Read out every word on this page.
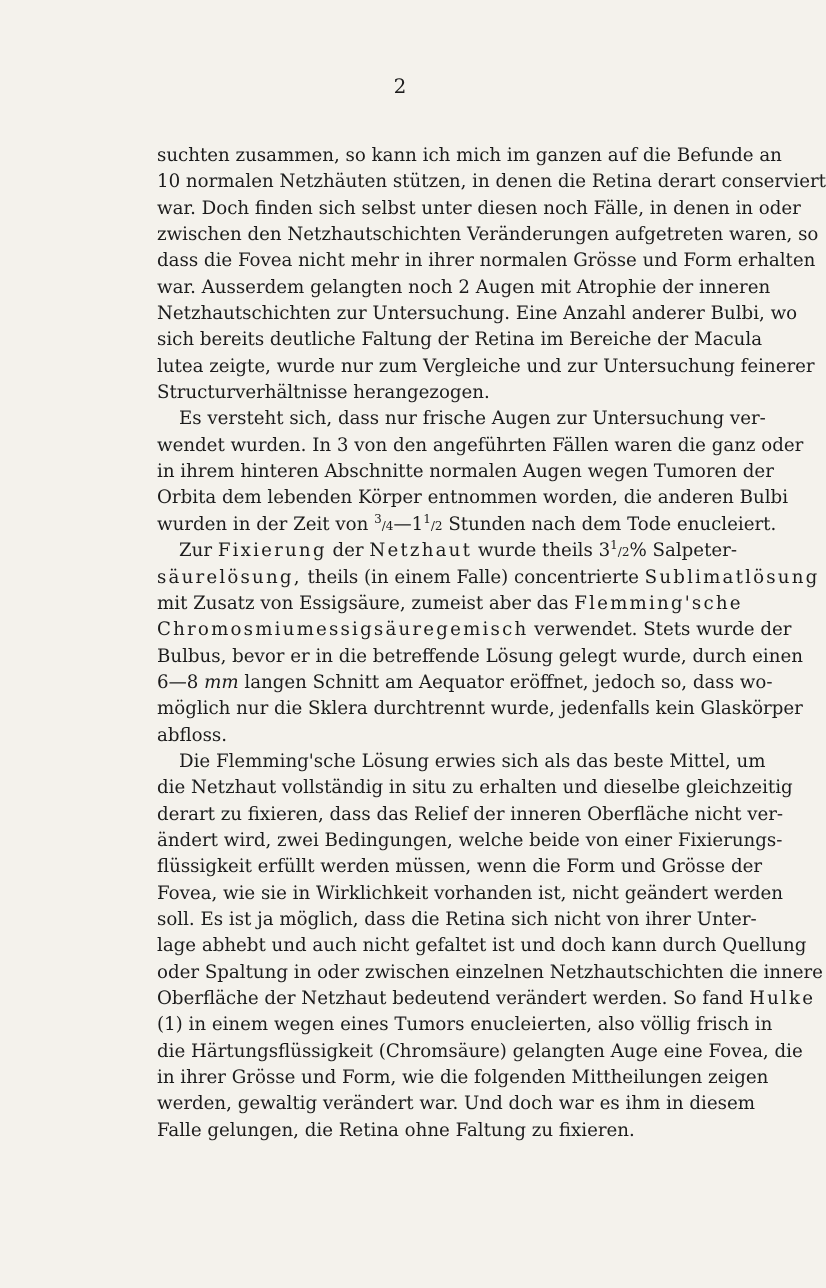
2
suchten zusammen, so kann ich mich im ganzen auf die Befunde an
10 normalen Netzhäuten stützen, in denen die Retina derart conserviert
war. Doch finden sich selbst unter diesen noch Fälle, in denen in oder
zwischen den Netzhautschichten Veränderungen aufgetreten waren, so
dass die Fovea nicht mehr in ihrer normalen Grösse und Form erhalten
war. Ausserdem gelangten noch 2 Augen mit Atrophie der inneren
Netzhautschichten zur Untersuchung. Eine Anzahl anderer Bulbi, wo
sich bereits deutliche Faltung der Retina im Bereiche der Macula
lutea zeigte, wurde nur zum Vergleiche und zur Untersuchung feinerer
Structurverhältnisse herangezogen.
Es versteht sich, dass nur frische Augen zur Untersuchung ver-
wendet wurden. In 3 von den angeführten Fällen waren die ganz oder
in ihrem hinteren Abschnitte normalen Augen wegen Tumoren der
Orbita dem lebenden Körper entnommen worden, die anderen Bulbi
wurden in der Zeit von $^3/4—1^1/2$ Stunden nach dem Tode enucleiert.
Zur Fixierung der Netzhaut wurde theils $3^1/2\%$ Salpeter-
säurelösung, theils (in einem Falle) concentrierte Sublimatlösung
mit Zusatz von Essigsäure, zumeist aber das Flemming'sche
Chromosmiumessigsäuregemisch verwendet. Stets wurde der
Bulbus, bevor er in die betreffende Lösung gelegt wurde, durch einen
6—8 mm langen Schnitt am Aequator eröffnet, jedoch so, dass wo-
möglich nur die Sklera durchtrennt wurde, jedenfalls kein Glaskörper
abfloss.
Die Flemming'sche Lösung erwies sich als das beste Mittel, um
die Netzhaut vollständig in situ zu erhalten und dieselbe gleichzeitig
derart zu fixieren, dass das Relief der inneren Oberfläche nicht ver-
ändert wird, zwei Bedingungen, welche beide von einer Fixierungs-
flüssigkeit erfüllt werden müssen, wenn die Form und Grösse der
Fovea, wie sie in Wirklichkeit vorhanden ist, nicht geändert werden
soll. Es ist ja möglich, dass die Retina sich nicht von ihrer Unter-
lage abhebt und auch nicht gefaltet ist und doch kann durch Quellung
oder Spaltung in oder zwischen einzelnen Netzhautschichten die innere
Oberfläche der Netzhaut bedeutend verändert werden. So fand Hulke
(1) in einem wegen eines Tumors enucleierten, also völlig frisch in
die Härtungsflüssigkeit (Chromsäure) gelangten Auge eine Fovea, die
in ihrer Grösse und Form, wie die folgenden Mittheilungen zeigen
werden, gewaltig verändert war. Und doch war es ihm in diesem
Falle gelungen, die Retina ohne Faltung zu fixieren.
